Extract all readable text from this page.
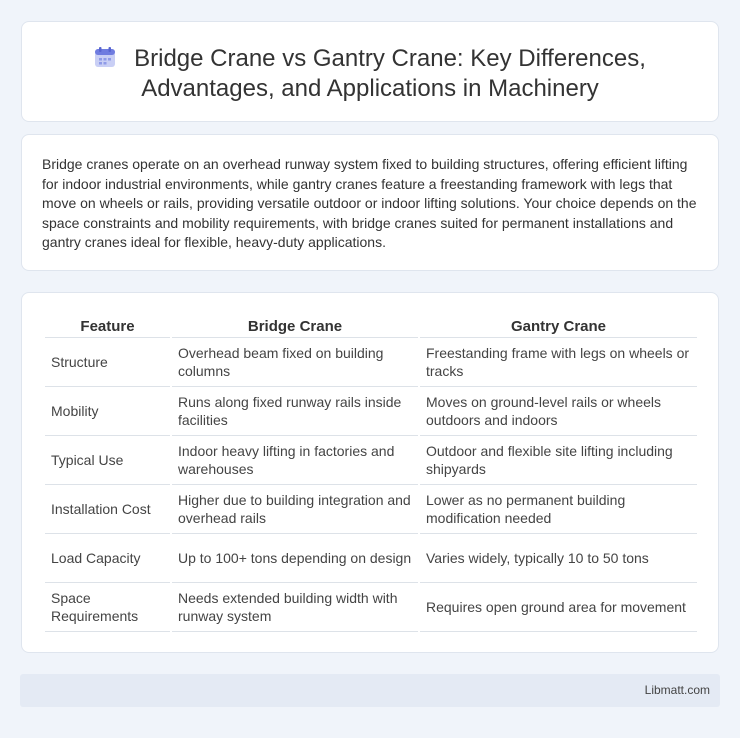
Bridge Crane vs Gantry Crane: Key Differences,
Advantages, and Applications in Machinery

Bridge cranes operate on an overhead runway system fixed to building structures, offering efficient lifting for indoor industrial environments, while gantry cranes feature a freestanding framework with legs that move on wheels or rails, providing versatile outdoor or indoor lifting solutions. Your choice depends on the space constraints and mobility requirements, with bridge cranes suited for permanent installations and gantry cranes ideal for flexible, heavy-duty applications.

Feature	Bridge Crane	Gantry Crane
Structure	Overhead beam fixed on building columns	Freestanding frame with legs on wheels or tracks
Mobility	Runs along fixed runway rails inside facilities	Moves on ground-level rails or wheels outdoors and indoors
Typical Use	Indoor heavy lifting in factories and warehouses	Outdoor and flexible site lifting including shipyards
Installation Cost	Higher due to building integration and overhead rails	Lower as no permanent building modification needed
Load Capacity	Up to 100+ tons depending on design	Varies widely, typically 10 to 50 tons
Space Requirements	Needs extended building width with runway system	Requires open ground area for movement
Libmatt.com
